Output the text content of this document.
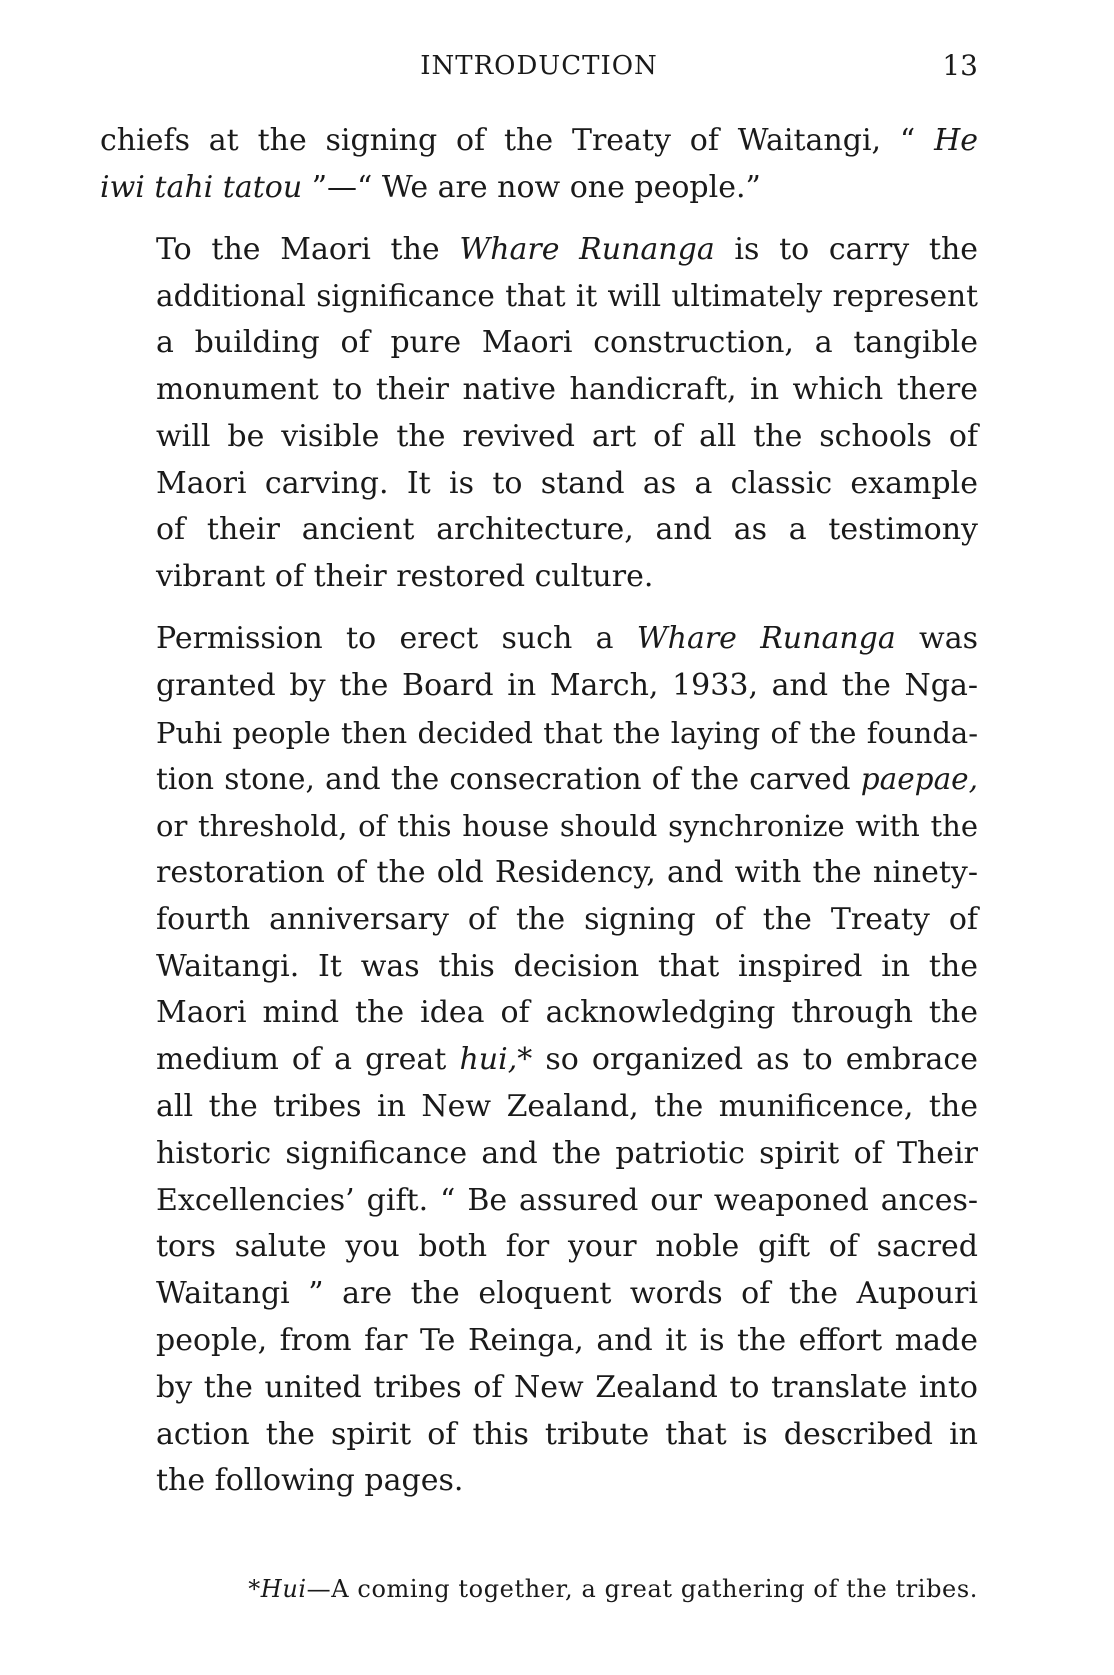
INTRODUCTION	13

chiefs at the signing of the Treaty of Waitangi, “ He
iwi tahi tatou ”—“ We are now one people.”

To the Maori the Whare Runanga is to carry the
additional significance that it will ultimately represent
a building of pure Maori construction, a tangible
monument to their native handicraft, in which there
will be visible the revived art of all the schools of
Maori carving. It is to stand as a classic example
of their ancient architecture, and as a testimony
vibrant of their restored culture.

Permission to erect such a Whare Runanga was
granted by the Board in March, 1933, and the Nga-
Puhi people then decided that the laying of the founda-
tion stone, and the consecration of the carved paepae,
or threshold, of this house should synchronize with the
restoration of the old Residency, and with the ninety-
fourth anniversary of the signing of the Treaty of
Waitangi. It was this decision that inspired in the
Maori mind the idea of acknowledging through the
medium of a great hui,* so organized as to embrace
all the tribes in New Zealand, the munificence, the
historic significance and the patriotic spirit of Their
Excellencies’ gift. “ Be assured our weaponed ances-
tors salute you both for your noble gift of sacred
Waitangi ” are the eloquent words of the Aupouri
people, from far Te Reinga, and it is the effort made
by the united tribes of New Zealand to translate into
action the spirit of this tribute that is described in
the following pages.

*Hui—A coming together, a great gathering of the tribes.
